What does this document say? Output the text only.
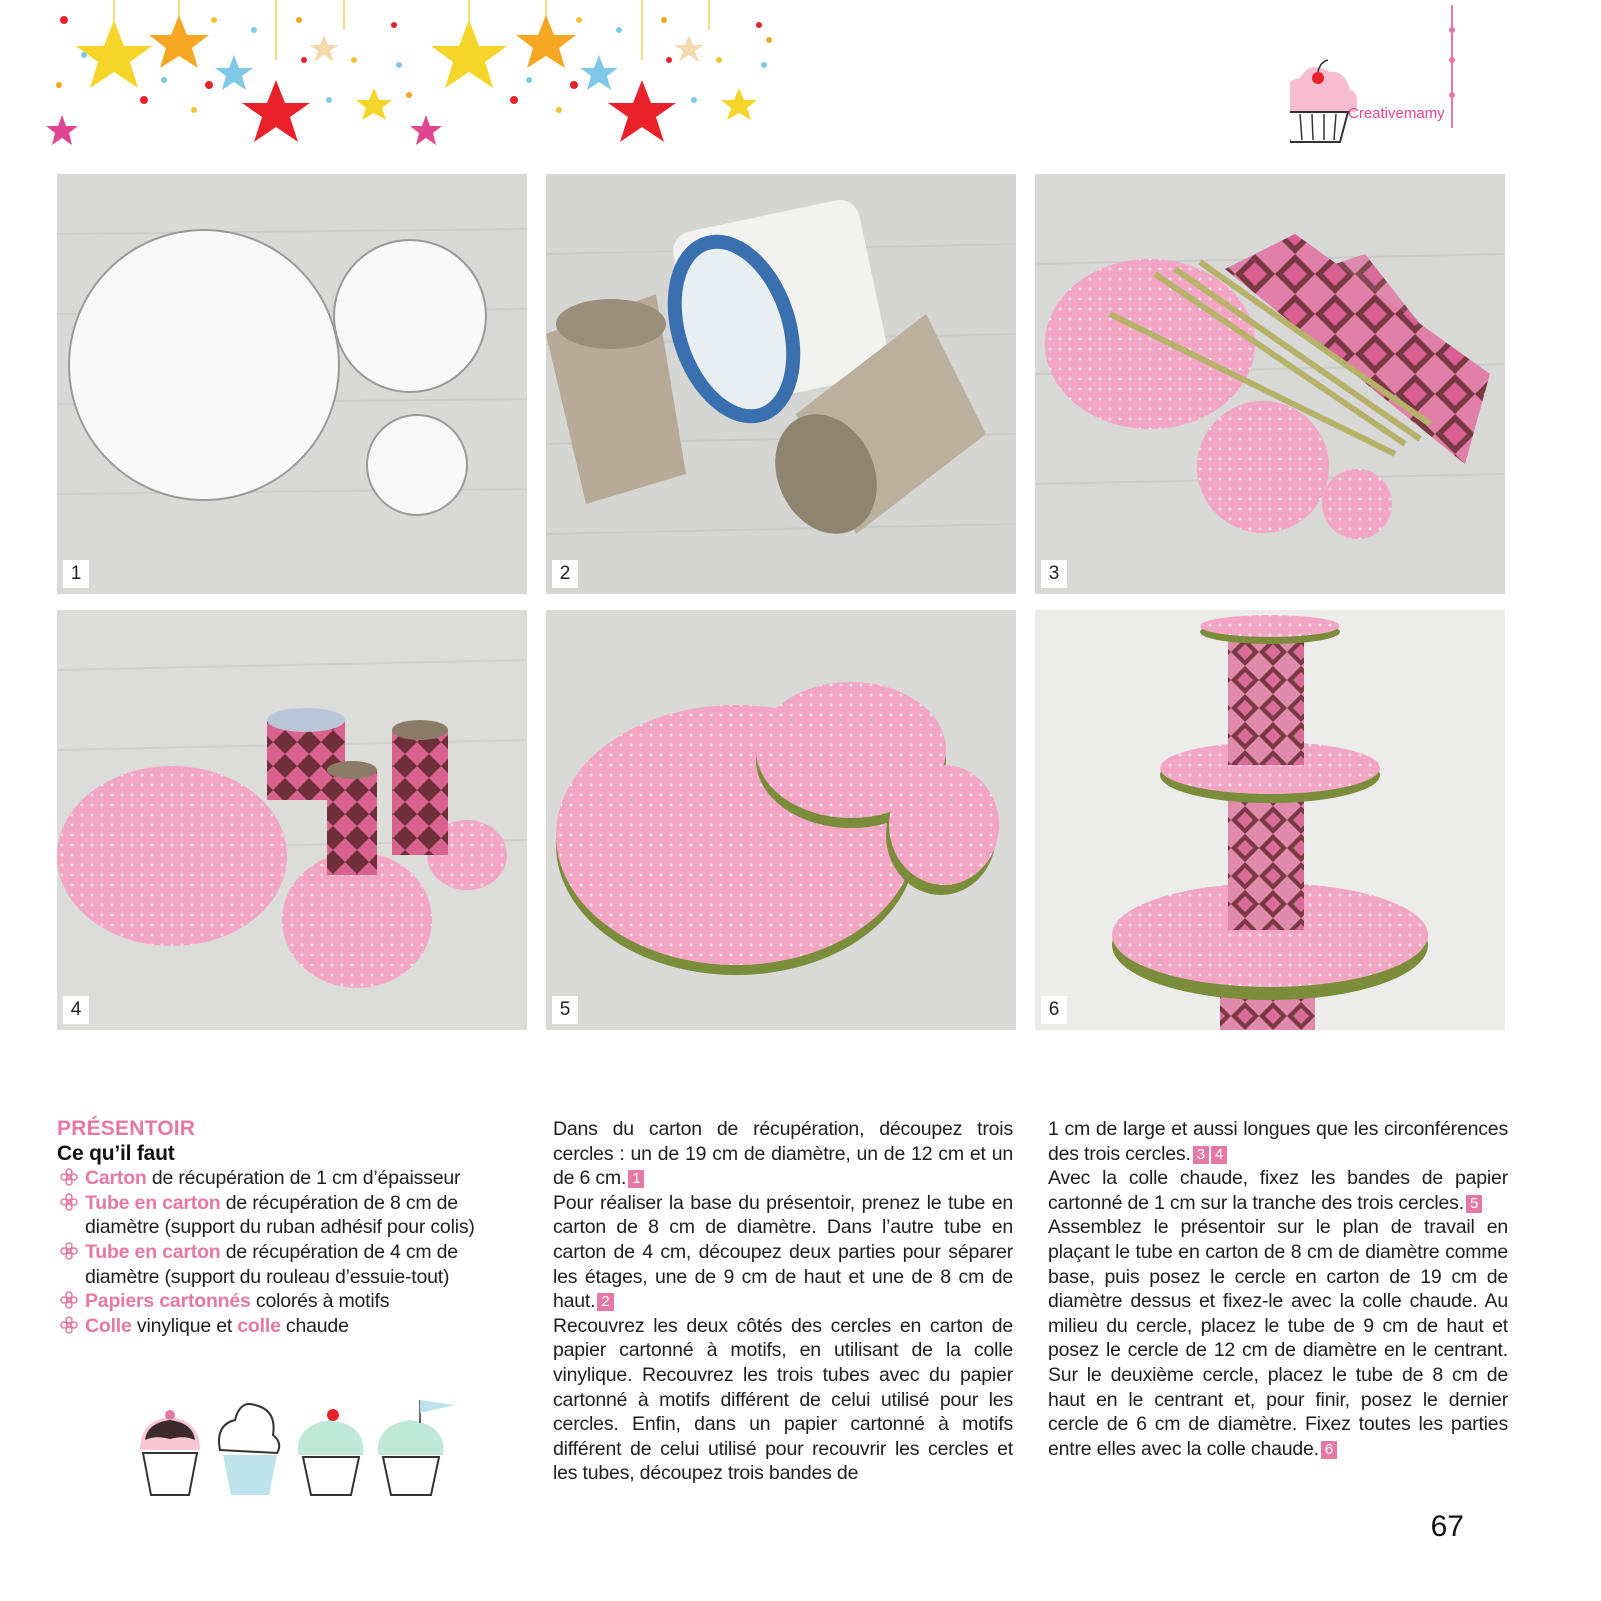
Creativemamy
1	2	3
4	5	6

PRÉSENTOIR

Ce qu’il faut

Carton de récupération de 1 cm d’épaisseur

Tube en carton de récupération de 8 cm de diamètre (support du ruban adhésif pour colis)

Tube en carton de récupération de 4 cm de diamètre (support du rouleau d’essuie-tout)

Papiers cartonnés colorés à motifs

Colle vinylique et colle chaude

Dans du carton de récupération, découpez trois cercles : un de 19 cm de diamètre, un de 12 cm et un de 6 cm. 1

Pour réaliser la base du présentoir, prenez le tube en carton de 8 cm de diamètre. Dans l’autre tube en carton de 4 cm, découpez deux parties pour séparer les étages, une de 9 cm de haut et une de 8 cm de haut. 2

Recouvrez les deux côtés des cercles en carton de papier cartonné à motifs, en utilisant de la colle vinylique. Recouvrez les trois tubes avec du papier cartonné à motifs différent de celui utilisé pour les cercles. Enfin, dans un papier cartonné à motifs différent de celui utilisé pour recouvrir les cercles et les tubes, découpez trois bandes de

1 cm de large et aussi longues que les circonférences des trois cercles. 3 4

Avec la colle chaude, fixez les bandes de papier cartonné de 1 cm sur la tranche des trois cercles. 5

Assemblez le présentoir sur le plan de travail en plaçant le tube en carton de 8 cm de diamètre comme base, puis posez le cercle en carton de 19 cm de diamètre dessus et fixez-le avec la colle chaude. Au milieu du cercle, placez le tube de 9 cm de haut et posez le cercle de 12 cm de diamètre en le centrant. Sur le deuxième cercle, placez le tube de 8 cm de haut en le centrant et, pour finir, posez le dernier cercle de 6 cm de diamètre. Fixez toutes les parties entre elles avec la colle chaude. 6

67
